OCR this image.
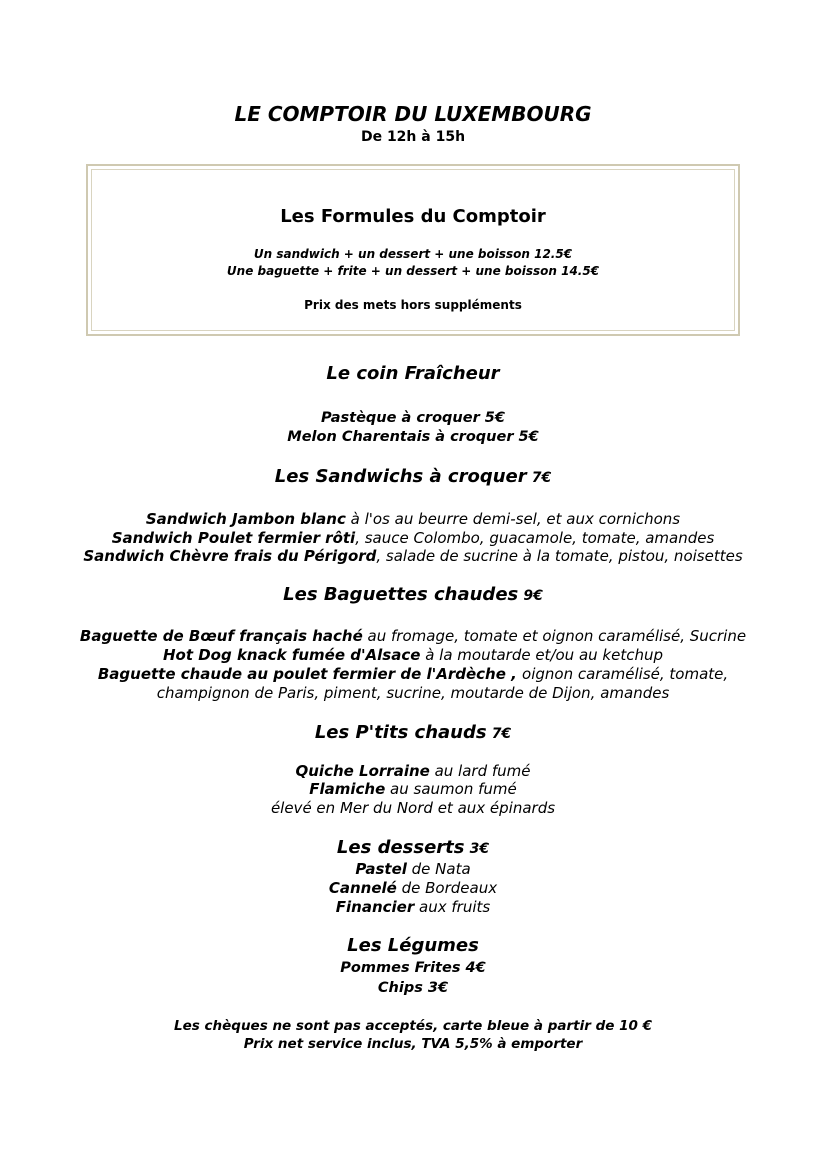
LE COMPTOIR DU LUXEMBOURG
De 12h à 15h
Les Formules du Comptoir
Un sandwich + un dessert + une boisson 12.5€
Une baguette + frite + un dessert + une boisson 14.5€
Prix des mets hors suppléments
Le coin Fraîcheur
Pastèque à croquer 5€
Melon Charentais à croquer 5€
Les Sandwichs à croquer 7€
Sandwich Jambon blanc à l'os au beurre demi-sel, et aux cornichons
Sandwich Poulet fermier rôti, sauce Colombo, guacamole, tomate, amandes
Sandwich Chèvre frais du Périgord, salade de sucrine à la tomate, pistou, noisettes
Les Baguettes chaudes 9€
Baguette de Bœuf français haché au fromage, tomate et oignon caramélisé, Sucrine
Hot Dog knack fumée d'Alsace à la moutarde et/ou au ketchup
Baguette chaude au poulet fermier de l'Ardèche , oignon caramélisé, tomate,
champignon de Paris, piment, sucrine, moutarde de Dijon, amandes
Les P'tits chauds 7€
Quiche Lorraine au lard fumé
Flamiche au saumon fumé
élevé en Mer du Nord et aux épinards
Les desserts 3€
Pastel de Nata
Cannelé de Bordeaux
Financier aux fruits
Les Légumes
Pommes Frites 4€
Chips 3€
Les chèques ne sont pas acceptés, carte bleue à partir de 10 €
Prix net service inclus, TVA 5,5% à emporter
